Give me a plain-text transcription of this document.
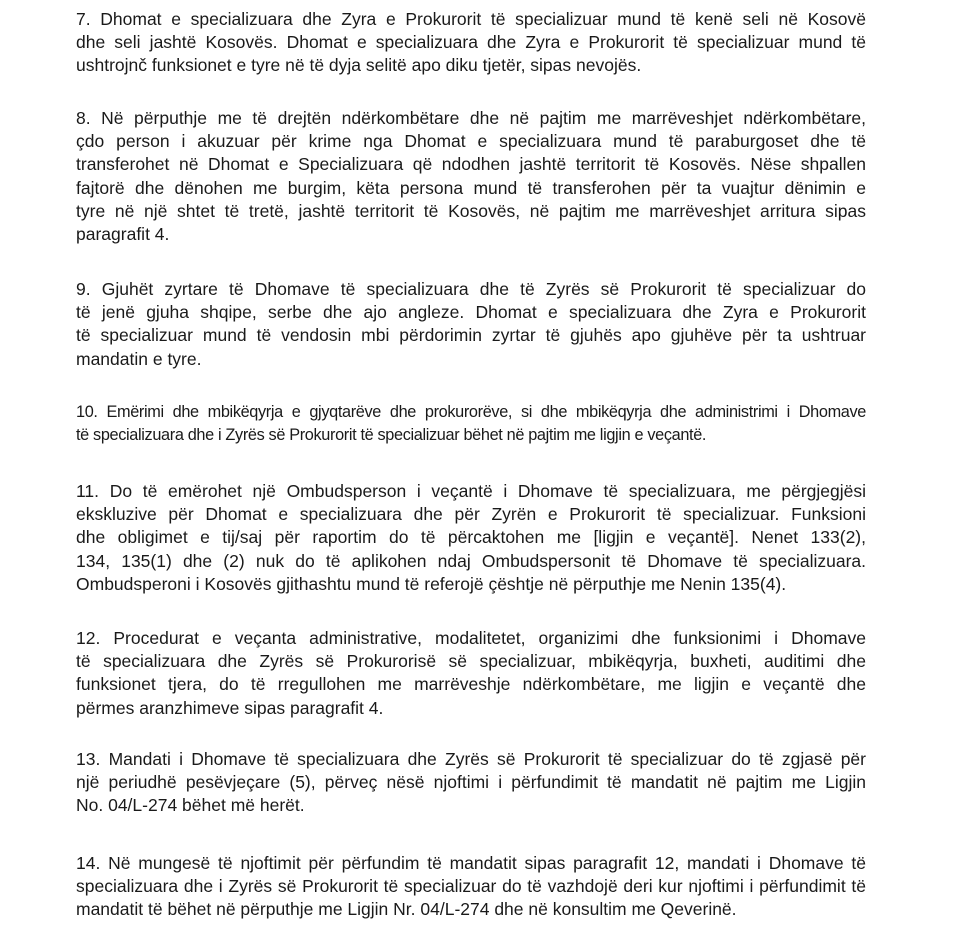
7. Dhomat e specializuara dhe Zyra e Prokurorit të specializuar mund të kenë seli në Kosovë
dhe seli jashtë Kosovës. Dhomat e specializuara dhe Zyra e Prokurorit të specializuar mund të
ushtrojnč funksionet e tyre në të dyja selitë apo diku tjetër, sipas nevojës.
8. Në përputhje me të drejtën ndërkombëtare dhe në pajtim me marrëveshjet ndërkombëtare,
çdo person i akuzuar për krime nga Dhomat e specializuara mund të paraburgoset dhe të
transferohet në Dhomat e Specializuara që ndodhen jashtë territorit të Kosovës. Nëse shpallen
fajtorë dhe dënohen me burgim, këta persona mund të transferohen për ta vuajtur dënimin e
tyre në një shtet të tretë, jashtë territorit të Kosovës, në pajtim me marrëveshjet arritura sipas
paragrafit 4.
9. Gjuhët zyrtare të Dhomave të specializuara dhe të Zyrës së Prokurorit të specializuar do
të jenë gjuha shqipe, serbe dhe ajo angleze. Dhomat e specializuara dhe Zyra e Prokurorit
të specializuar mund të vendosin mbi përdorimin zyrtar të gjuhës apo gjuhëve për ta ushtruar
mandatin e tyre.
10. Emërimi dhe mbikëqyrja e gjyqtarëve dhe prokurorëve, si dhe mbikëqyrja dhe administrimi i Dhomave
të specializuara dhe i Zyrës së Prokurorit të specializuar bëhet në pajtim me ligjin e veçantë.
11. Do të emërohet një Ombudsperson i veçantë i Dhomave të specializuara, me përgjegjësi
ekskluzive për Dhomat e specializuara dhe për Zyrën e Prokurorit të specializuar. Funksioni
dhe obligimet e tij/saj për raportim do të përcaktohen me [ligjin e veçantë]. Nenet 133(2),
134, 135(1) dhe (2) nuk do të aplikohen ndaj Ombudspersonit të Dhomave të specializuara.
Ombudsperoni i Kosovës gjithashtu mund të referojë çështje në përputhje me Nenin 135(4).
12. Procedurat e veçanta administrative, modalitetet, organizimi dhe funksionimi i Dhomave
të specializuara dhe Zyrës së Prokurorisë së specializuar, mbikëqyrja, buxheti, auditimi dhe
funksionet tjera, do të rregullohen me marrëveshje ndërkombëtare, me ligjin e veçantë dhe
përmes aranzhimeve sipas paragrafit 4.
13. Mandati i Dhomave të specializuara dhe Zyrës së Prokurorit të specializuar do të zgjasë për
një periudhë pesëvjeçare (5), përveç nësë njoftimi i përfundimit të mandatit në pajtim me Ligjin
No. 04/L-274 bëhet më herët.
14. Në mungesë të njoftimit për përfundim të mandatit sipas paragrafit 12, mandati i Dhomave të
specializuara dhe i Zyrës së Prokurorit të specializuar do të vazhdojë deri kur njoftimi i përfundimit të
mandatit të bëhet në përputhje me Ligjin Nr. 04/L-274 dhe në konsultim me Qeverinë.
